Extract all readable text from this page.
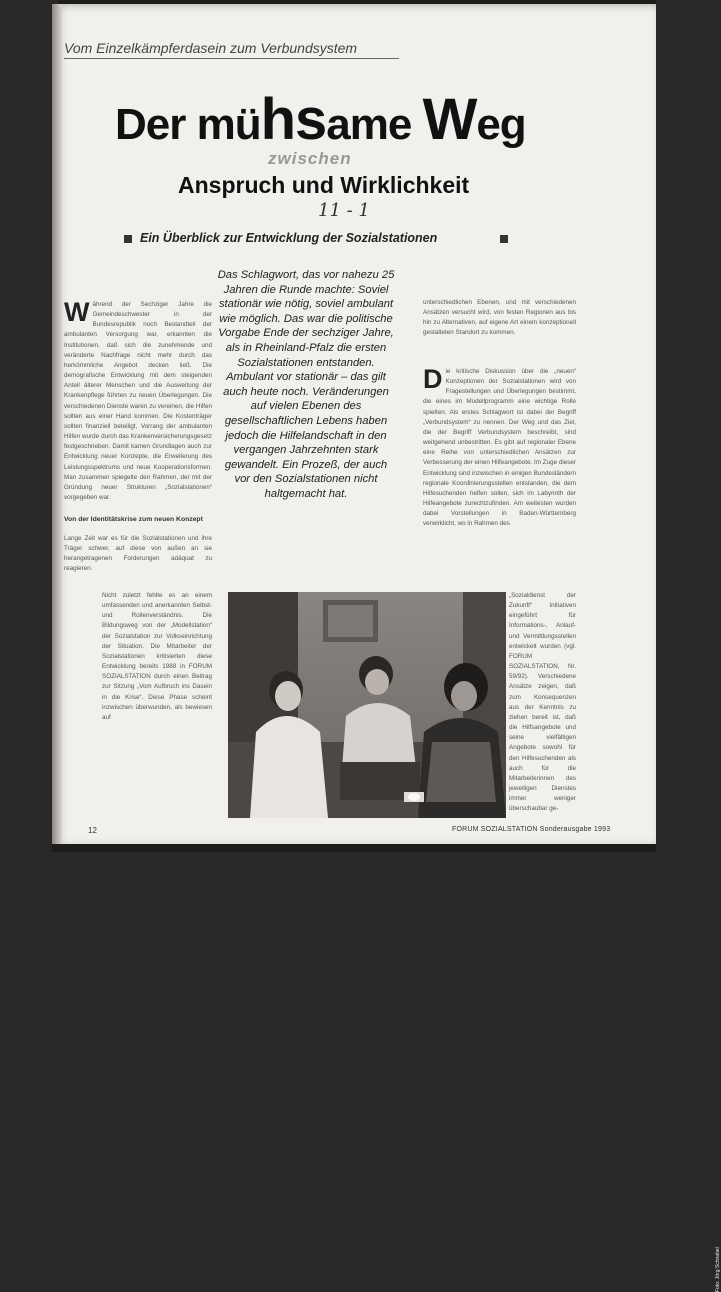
Vom Einzelkämpferdasein zum Verbundsystem
Der mühsame Weg
zwischen
Anspruch und Wirklichkeit
11 - 1
Ein Überblick zur Entwicklung der Sozialstationen
Das Schlagwort, das vor nahezu 25 Jahren die Runde machte: Soviel stationär wie nötig, soviel ambulant wie möglich. Das war die politische Vorgabe Ende der sechziger Jahre, als in Rheinland-Pfalz die ersten Sozialstationen entstanden. Ambulant vor stationär – das gilt auch heute noch. Veränderungen auf vielen Ebenen des gesellschaftlichen Lebens haben jedoch die Hilfelandschaft in den vergangen Jahrzehnten stark gewandelt. Ein Prozeß, der auch vor den Sozialstationen nicht haltgemacht hat.
Während der Sechziger Jahre die Gemeindeschwester in der Bundesrepublik noch Bestandteil der ambulanten Versorgung war, erkannten die Institutionen, daß sich die zunehmende und veränderte Nachfrage nicht mehr durch das herkömmliche Angebot decken ließ. Die demografische Entwicklung mit dem steigenden Anteil älterer Menschen und die Ausweitung der Krankenpflege führten zu neuen Überlegungen. Die verschiedenen Dienste waren zu vereinen, die Hilfen sollten aus einer Hand kommen. Die Kostenträger sollten finanziell beteiligt, Vorrang der ambulanten Hilfen wurde durch das Krankenversicherungsgesetz festgeschrieben. Damit kamen Grundlagen auch zur Entwicklung neuer Konzepte, die Erweiterung des Leistungsspektrums und neue Kooperationsformen. Man zusammen spiegelte den Rahmen, der mit der Gründung neuer Strukturen „Sozialstationen“ vorgegeben war.
Von der Identitätskrise zum neuen Konzept
Lange Zeit war es für die Sozialstationen und ihre Träger schwer, auf diese von außen an sie herangetragenen Forderungen adäquat zu reagieren.
Nicht zuletzt fehlte es an einem umfassenden und anerkannten Selbst- und Rollenverständnis. Die Bildungsweg von der „Modellstation“ der Sozialstation zur Volkseinrichtung der Situation. Die Mitarbeiter der Sozialstationen kritisierten diese Entwicklung bereits 1988 in FORUM SOZIALSTATION durch einen Beitrag zur Sitzung „Vom Aufbruch ins Dasein in die Krise“. Diese Phase scheint inzwischen überwunden, als bewiesen auf
unterschiedlichen Ebenen, und mit verschiedenen Ansätzen versucht wird, von festen Regionen aus bis hin zu Alternativen, auf eigene Art einem konzeptionell gestalteten Standort zu kommen.
Die kritische Diskussion über die „neuen“ Konzeptionen der Sozialstationen wird von Fragestellungen und Überlegungen bestimmt, die eines im Modellprogramm eine wichtige Rolle spielten. Als erstes Schlagwort ist dabei der Begriff „Verbundsystem“ zu nennen. Der Weg und das Ziel, die der Begriff Verbundsystem beschreibt, sind weitgehend unbestritten. Es gibt auf regionaler Ebene eine Reihe von unterschiedlichen Ansätzen zur Verbesserung der einen Hilfeangebote. Im Zuge dieser Entwicklung sind inzwischen in einigen Bundesländern regionale Koordinierungsstellen entstanden, die dem Hilfesuchenden helfen sollen, sich im Labyrinth der Hilfeangebote zurechtzufinden. Am weitesten wurden dabei Vorstellungen in Baden-Württemberg verwirklicht, wo in Rahmen des
„Sozialdienst der Zukunft“ Initiativen eingeführt für Informations-, Anlauf- und Vermittlungsstellen entwickelt wurden (vgl. FORUM SOZIALSTATION, Nr. 59/92). Verschiedene Ansätze zeigen, daß zum Konsequenzen aus der Kenntnis zu ziehen bereit ist, daß die Hilfsangebote und seine vielfältigen Angebote sowohl für den Hilfesuchenden als auch für die Mitarbeiterinnen des jeweiligen Dienstes immer weniger überschaubar ge-
Foto: Jörg Schnabel
12	FORUM SOZIALSTATION Sonderausgabe 1993
